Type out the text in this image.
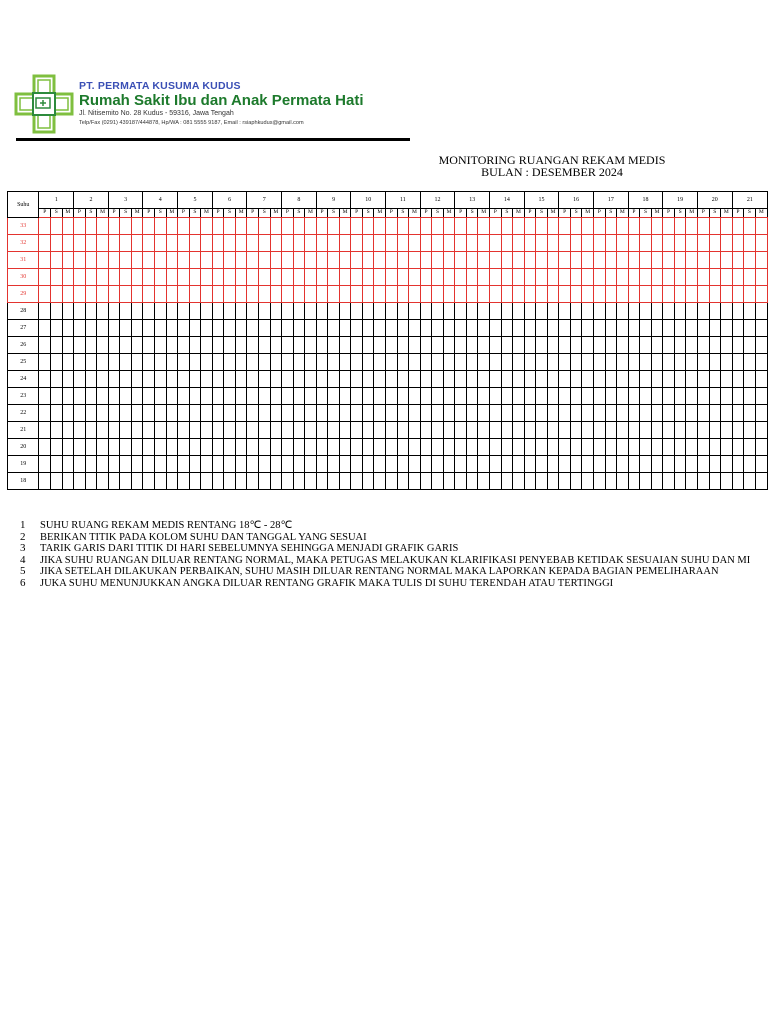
PT. PERMATA KUSUMA KUDUS
Rumah Sakit Ibu dan Anak Permata Hati
Jl. Nitisemito No. 28 Kudus - 59316, Jawa Tengah
Telp/Fax (0291) 439187/444878, Hp/WA : 081 5555 9187, Email : rsiaphkudus@gmail.com
MONITORING RUANGAN REKAM MEDIS
BULAN : DESEMBER 2024
Suhu	1			2			3			4			5			6			7			8			9			10			11			12			13			14			15			16			17			18			19			20			21		
	P	S	M	P	S	M	P	S	M	P	S	M	P	S	M	P	S	M	P	S	M	P	S	M	P	S	M	P	S	M	P	S	M	P	S	M	P	S	M	P	S	M	P	S	M	P	S	M	P	S	M	P	S	M	P	S	M	P	S	M	P	S	M
33																																																															
32																																																															
31																																																															
30																																																															
29																																																															
28																																																															
27																																																															
26																																																															
25																																																															
24																																																															
23																																																															
22																																																															
21																																																															
20																																																															
19																																																															
18																																																															
1	SUHU RUANG REKAM MEDIS RENTANG 18℃ - 28℃
2	BERIKAN TITIK PADA KOLOM SUHU DAN TANGGAL YANG SESUAI
3	TARIK GARIS DARI TITIK DI HARI SEBELUMNYA SEHINGGA MENJADI GRAFIK GARIS
4	JIKA SUHU RUANGAN DILUAR RENTANG NORMAL, MAKA PETUGAS MELAKUKAN KLARIFIKASI PENYEBAB KETIDAK SESUAIAN SUHU DAN MI
5	JIKA SETELAH DILAKUKAN PERBAIKAN, SUHU MASIH DILUAR RENTANG NORMAL MAKA LAPORKAN KEPADA BAGIAN PEMELIHARAAN
6	JUKA SUHU MENUNJUKKAN ANGKA DILUAR RENTANG GRAFIK MAKA TULIS DI SUHU TERENDAH ATAU TERTINGGI
